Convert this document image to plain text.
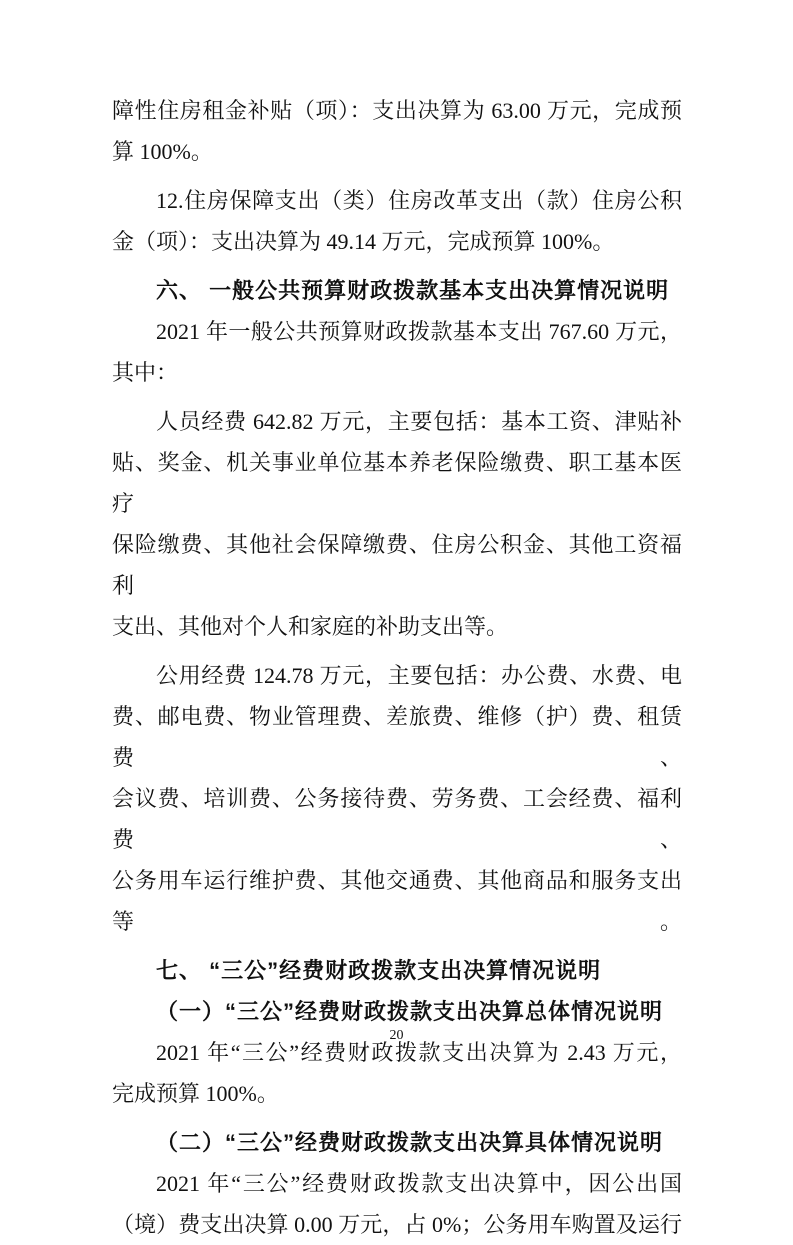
障性住房租金补贴（项）：支出决算为 63.00 万元，完成预

算 100%。

12.住房保障支出（类）住房改革支出（款）住房公积

金（项）：支出决算为 49.14 万元，完成预算 100%。

六、 一般公共预算财政拨款基本支出决算情况说明

2021 年一般公共预算财政拨款基本支出 767.60 万元，

其中：

人员经费 642.82 万元，主要包括：基本工资、津贴补

贴、奖金、机关事业单位基本养老保险缴费、职工基本医疗

保险缴费、其他社会保障缴费、住房公积金、其他工资福利

支出、其他对个人和家庭的补助支出等。

公用经费 124.78 万元，主要包括：办公费、水费、电

费、邮电费、物业管理费、差旅费、维修（护）费、租赁费、

会议费、培训费、公务接待费、劳务费、工会经费、福利费、

公务用车运行维护费、其他交通费、其他商品和服务支出等。

七、 “三公”经费财政拨款支出决算情况说明

（一）“三公”经费财政拨款支出决算总体情况说明

2021 年“三公”经费财政拨款支出决算为 2.43 万元，

完成预算 100%。

（二）“三公”经费财政拨款支出决算具体情况说明

2021 年“三公”经费财政拨款支出决算中，因公出国

（境）费支出决算 0.00 万元，占 0%；公务用车购置及运行

20
